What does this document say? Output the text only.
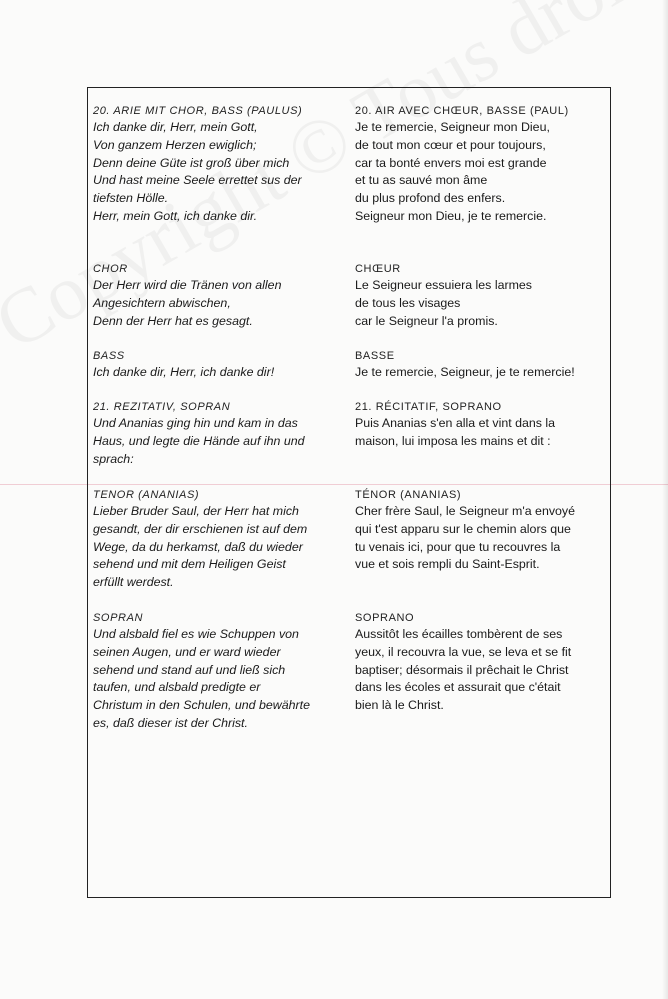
20. ARIE MIT CHOR, BASS (PAULUS)

Ich danke dir, Herr, mein Gott,

Von ganzem Herzen ewiglich;

Denn deine Güte ist groß über mich

Und hast meine Seele errettet sus der

tiefsten Hölle.

Herr, mein Gott, ich danke dir.

CHOR

Der Herr wird die Tränen von allen

Angesichtern abwischen,

Denn der Herr hat es gesagt.

BASS

Ich danke dir, Herr, ich danke dir!

21. REZITATIV, SOPRAN

Und Ananias ging hin und kam in das

Haus, und legte die Hände auf ihn und

sprach:

TENOR (ANANIAS)

Lieber Bruder Saul, der Herr hat mich

gesandt, der dir erschienen ist auf dem

Wege, da du herkamst, daß du wieder

sehend und mit dem Heiligen Geist

erfüllt werdest.

SOPRAN

Und alsbald fiel es wie Schuppen von

seinen Augen, und er ward wieder

sehend und stand auf und ließ sich

taufen, und alsbald predigte er

Christum in den Schulen, und bewährte

es, daß dieser ist der Christ.

20. AIR AVEC CHŒUR, BASSE (PAUL)

Je te remercie, Seigneur mon Dieu,

de tout mon cœur et pour toujours,

car ta bonté envers moi est grande

et tu as sauvé mon âme

du plus profond des enfers.

Seigneur mon Dieu, je te remercie.

CHŒUR

Le Seigneur essuiera les larmes

de tous les visages

car le Seigneur l'a promis.

BASSE

Je te remercie, Seigneur, je te remercie!

21. RÉCITATIF, SOPRANO

Puis Ananias s'en alla et vint dans la

maison, lui imposa les mains et dit :

TÉNOR (ANANIAS)

Cher frère Saul, le Seigneur m'a envoyé

qui t'est apparu sur le chemin alors que

tu venais ici, pour que tu recouvres la

vue et sois rempli du Saint-Esprit.

SOPRANO

Aussitôt les écailles tombèrent de ses

yeux, il recouvra la vue, se leva et se fit

baptiser; désormais il prêchait le Christ

dans les écoles et assurait que c'était

bien là le Christ.
